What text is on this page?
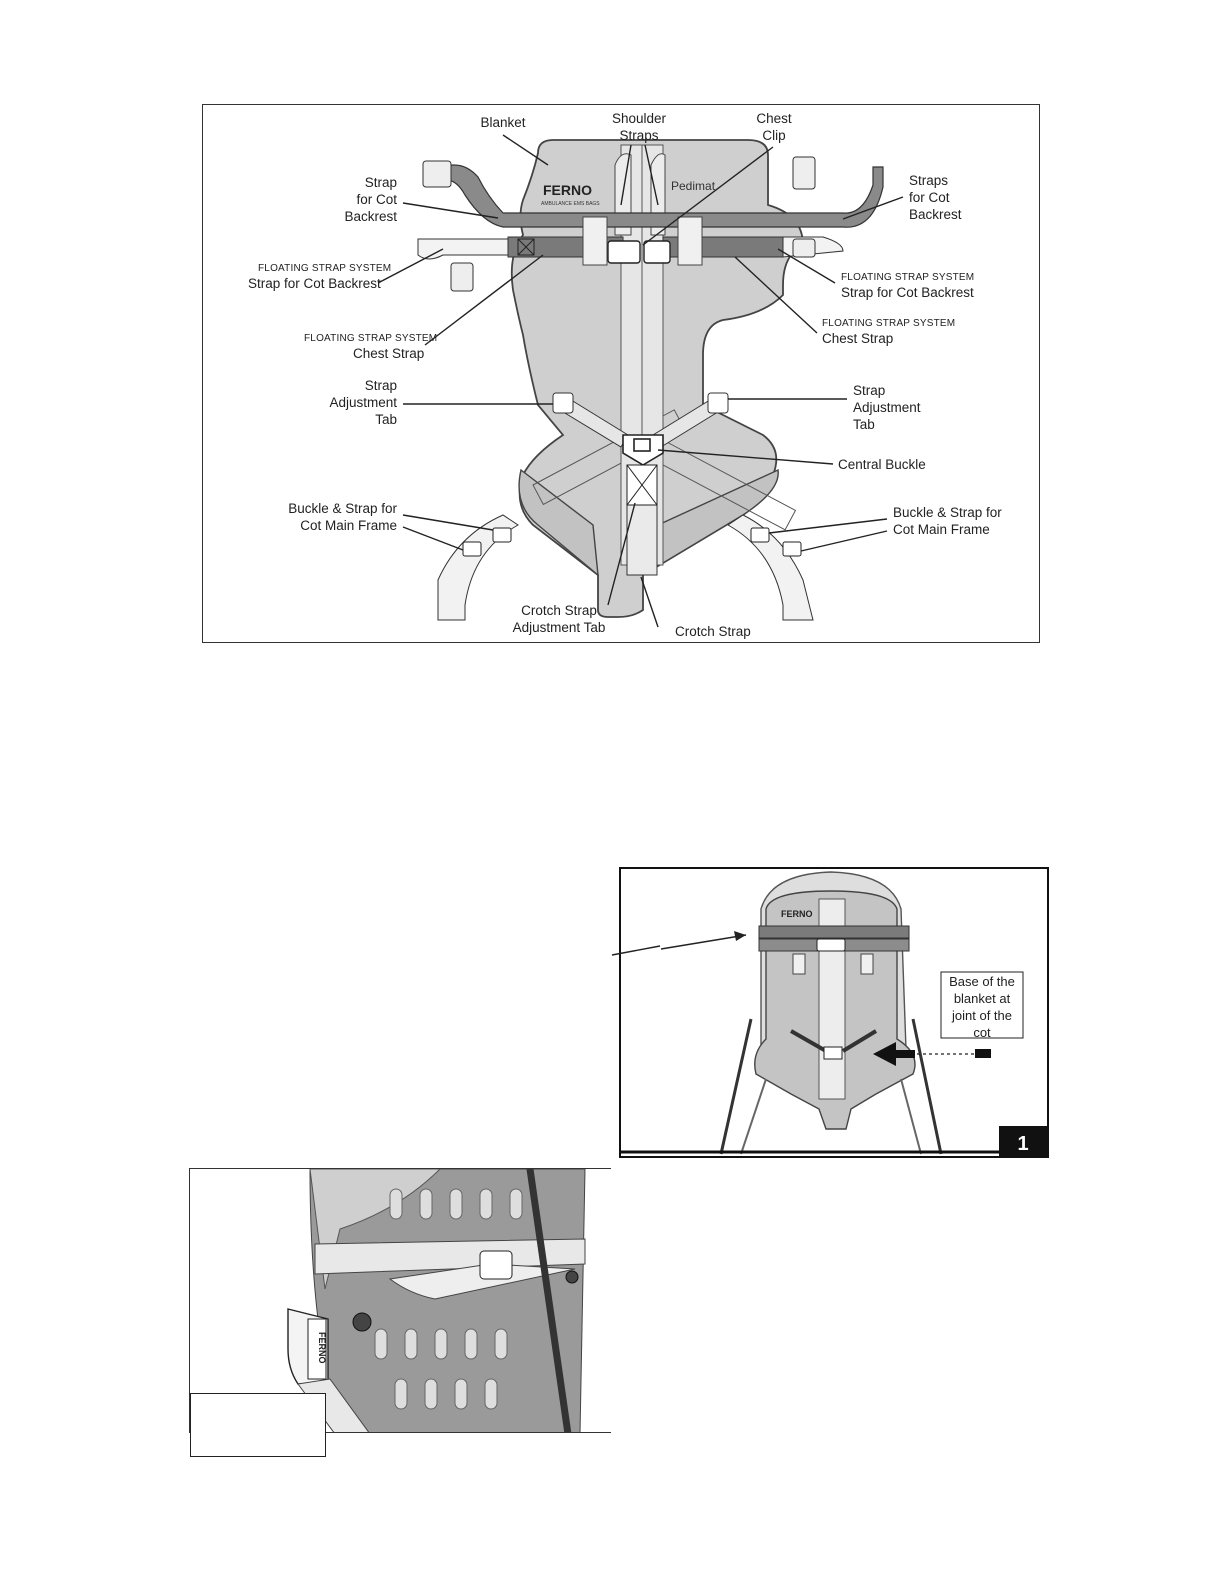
FERNO
AMBULANCE EMS BAGS
Pedimat
Blanket	Shoulder
Straps
Chest
Clip
Strap
for Cot
Backrest
Straps
for Cot
Backrest
FLOATING STRAP SYSTEM
Strap for Cot Backrest	FLOATING STRAP SYSTEM
Strap for Cot Backrest
FLOATING STRAP SYSTEM
Chest Strap
FLOATING STRAP SYSTEM
Chest Strap
Strap
Adjustment
Tab
Strap
Adjustment
Tab
Central Buckle
Buckle & Strap for
Cot Main Frame
Buckle & Strap for
Cot Main Frame
Crotch Strap
Adjustment Tab	Crotch Strap
FERNO
Base of the
blanket at
joint of the
cot
1
FERNO
